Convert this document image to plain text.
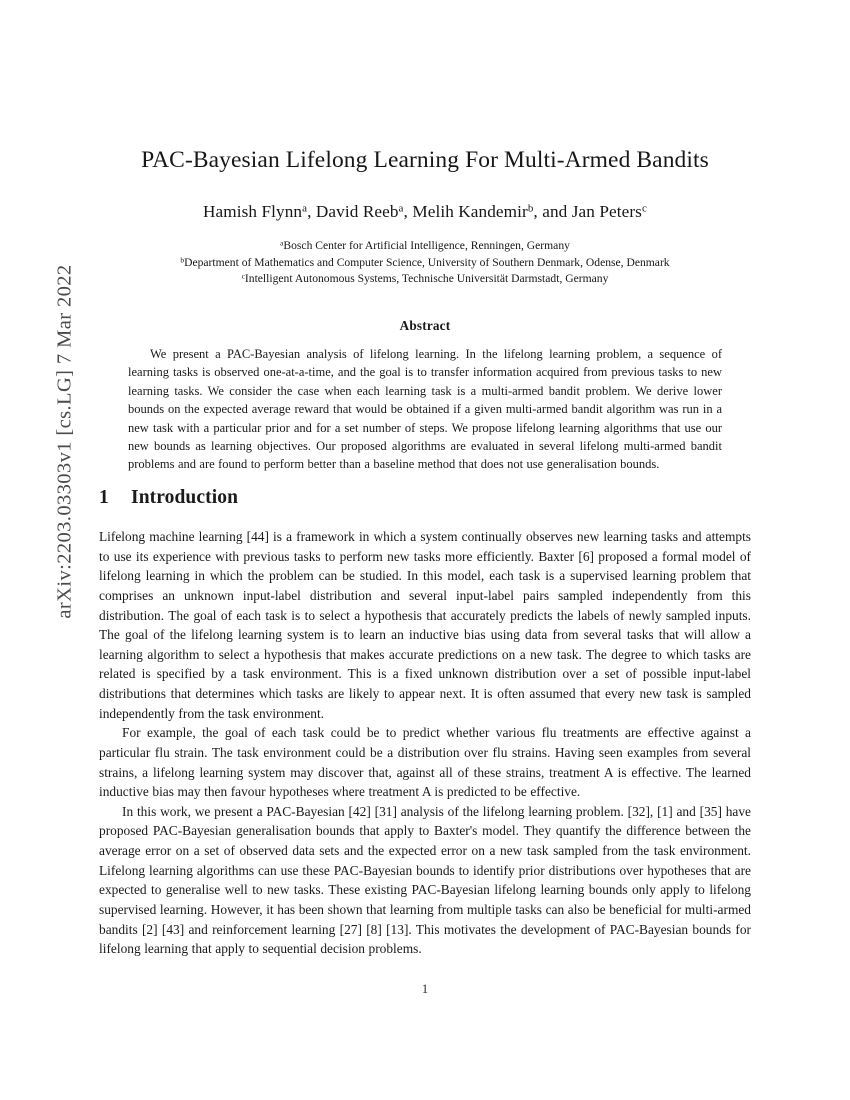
arXiv:2203.03303v1 [cs.LG] 7 Mar 2022
PAC-Bayesian Lifelong Learning For Multi-Armed Bandits
Hamish Flynn$^a$, David Reeb$^a$, Melih Kandemir$^b$, and Jan Peters$^c$
$^a$Bosch Center for Artificial Intelligence, Renningen, Germany
$^b$Department of Mathematics and Computer Science, University of Southern Denmark, Odense, Denmark
$^c$Intelligent Autonomous Systems, Technische Universität Darmstadt, Germany
Abstract

We present a PAC-Bayesian analysis of lifelong learning. In the lifelong learning problem, a sequence of learning tasks is observed one-at-a-time, and the goal is to transfer information acquired from previous tasks to new learning tasks. We consider the case when each learning task is a multi-armed bandit problem. We derive lower bounds on the expected average reward that would be obtained if a given multi-armed bandit algorithm was run in a new task with a particular prior and for a set number of steps. We propose lifelong learning algorithms that use our new bounds as learning objectives. Our proposed algorithms are evaluated in several lifelong multi-armed bandit problems and are found to perform better than a baseline method that does not use generalisation bounds.

1 Introduction

Lifelong machine learning [44] is a framework in which a system continually observes new learning tasks and attempts to use its experience with previous tasks to perform new tasks more efficiently. Baxter [6] proposed a formal model of lifelong learning in which the problem can be studied. In this model, each task is a supervised learning problem that comprises an unknown input-label distribution and several input-label pairs sampled independently from this distribution. The goal of each task is to select a hypothesis that accurately predicts the labels of newly sampled inputs. The goal of the lifelong learning system is to learn an inductive bias using data from several tasks that will allow a learning algorithm to select a hypothesis that makes accurate predictions on a new task. The degree to which tasks are related is specified by a task environment. This is a fixed unknown distribution over a set of possible input-label distributions that determines which tasks are likely to appear next. It is often assumed that every new task is sampled independently from the task environment.

For example, the goal of each task could be to predict whether various flu treatments are effective against a particular flu strain. The task environment could be a distribution over flu strains. Having seen examples from several strains, a lifelong learning system may discover that, against all of these strains, treatment A is effective. The learned inductive bias may then favour hypotheses where treatment A is predicted to be effective.

In this work, we present a PAC-Bayesian [42] [31] analysis of the lifelong learning problem. [32], [1] and [35] have proposed PAC-Bayesian generalisation bounds that apply to Baxter's model. They quantify the difference between the average error on a set of observed data sets and the expected error on a new task sampled from the task environment. Lifelong learning algorithms can use these PAC-Bayesian bounds to identify prior distributions over hypotheses that are expected to generalise well to new tasks. These existing PAC-Bayesian lifelong learning bounds only apply to lifelong supervised learning. However, it has been shown that learning from multiple tasks can also be beneficial for multi-armed bandits [2] [43] and reinforcement learning [27] [8] [13]. This motivates the development of PAC-Bayesian bounds for lifelong learning that apply to sequential decision problems.

1
